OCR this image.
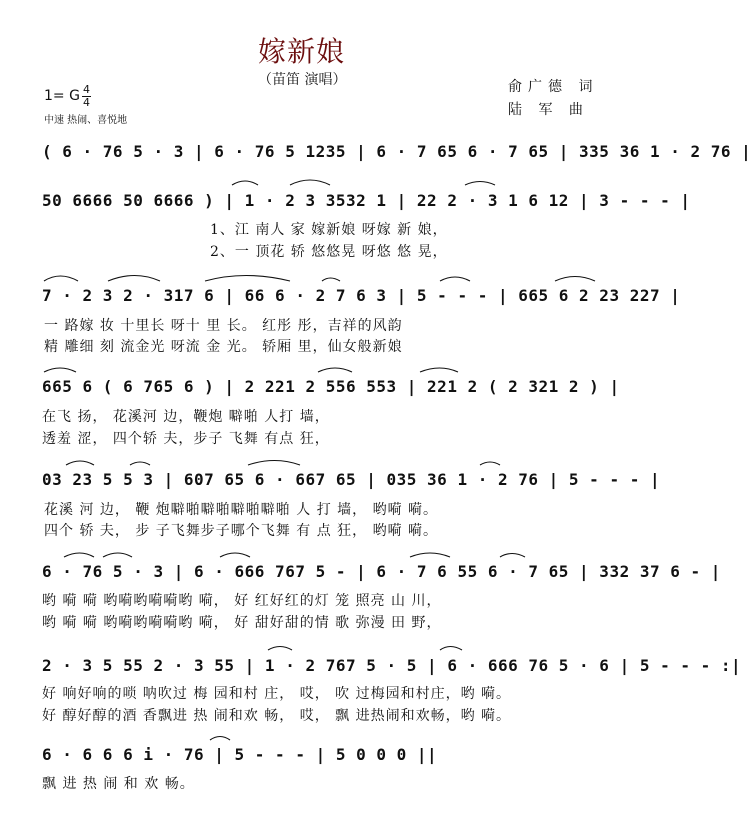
嫁新娘
（苗笛 演唱）	俞广德 词
陆 军 曲
1= G 4
4
中速 热闹、喜悦地
( 6 · 76 5 · 3 | 6 · 76 5 1235 | 6 · 7 65 6 · 7 65 | 335 36 1 · 2 76 |
50 6666 50 6666 ) | 1 · 2 3 3532 1 | 22 2 · 3 1 6 12 | 3 - - - |
1、江 南人 家 嫁新娘 呀嫁 新 娘，
2、一 顶花 轿 悠悠晃 呀悠 悠 晃，
7 · 2 3 2 · 317 6 | 66 6 · 2 7 6 3 | 5 - - - | 665 6 2 23 227 |
一 路嫁 妆 十里长 呀十 里 长。 红彤 彤，吉祥的风韵
精 雕细 刻 流金光 呀流 金 光。 轿厢 里，仙女般新娘
665 6 ( 6 765 6 ) | 2 221 2 556 553 | 221 2 ( 2 321 2 ) |
在飞 扬， 花溪河 边，鞭炮 噼啪 人打 墙，
透羞 涩， 四个轿 夫，步子 飞舞 有点 狂，
03 23 5 5 3 | 607 65 6 · 667 65 | 035 36 1 · 2 76 | 5 - - - |
花溪 河 边， 鞭 炮噼啪噼啪噼啪噼啪 人 打 墙， 哟嗬 嗬。
四个 轿 夫， 步 子飞舞步子哪个飞舞 有 点 狂， 哟嗬 嗬。
6 · 76 5 · 3 | 6 · 666 767 5 - | 6 · 7 6 55 6 · 7 65 | 332 37 6 - |
哟 嗬 嗬 哟嗬哟嗬嗬哟 嗬， 好 红好红的灯 笼 照亮 山 川，
哟 嗬 嗬 哟嗬哟嗬嗬哟 嗬， 好 甜好甜的情 歌 弥漫 田 野，
2 · 3 5 55 2 · 3 55 | 1 · 2 767 5 · 5 | 6 · 666 76 5 · 6 | 5 - - - :|
好 响好响的唢 呐吹过 梅 园和村 庄， 哎， 吹 过梅园和村庄，哟 嗬。
好 醇好醇的酒 香飘进 热 闹和欢 畅， 哎， 飘 进热闹和欢畅，哟 嗬。
6 · 6 6 6 i · 76 | 5 - - - | 5 0 0 0 ||
飘 进 热 闹 和 欢 畅。
